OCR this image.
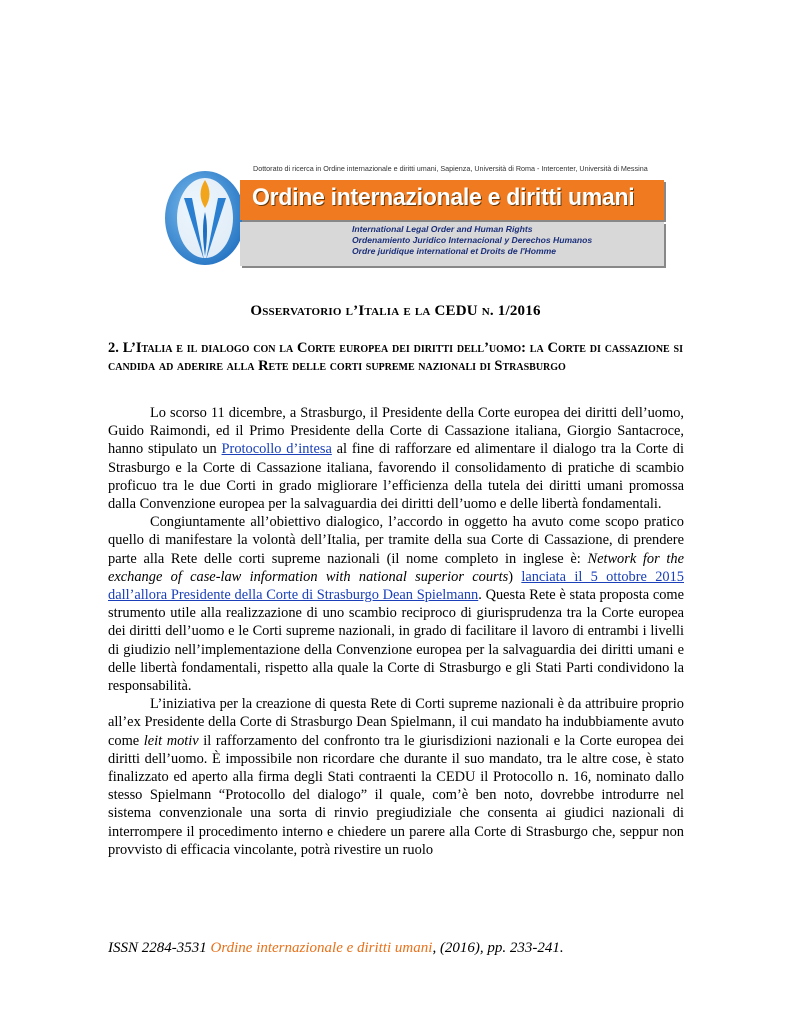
Dottorato di ricerca in Ordine internazionale e diritti umani, Sapienza, Università di Roma - Intercenter, Università di Messina
Ordine internazionale e diritti umani
International Legal Order and Human Rights
Ordenamiento Juridico Internacional y Derechos Humanos
Ordre juridique international et Droits de l'Homme
Osservatorio l’Italia e la CEDU n. 1/2016
2. L’Italia e il dialogo con la Corte europea dei diritti dell’uomo: la Corte di cassazione si candida ad aderire alla Rete delle corti supreme nazionali di Strasburgo

Lo scorso 11 dicembre, a Strasburgo, il Presidente della Corte europea dei diritti dell’uomo, Guido Raimondi, ed il Primo Presidente della Corte di Cassazione italiana, Giorgio Santacroce, hanno stipulato un Protocollo d’intesa al fine di rafforzare ed alimentare il dialogo tra la Corte di Strasburgo e la Corte di Cassazione italiana, favorendo il consolidamento di pratiche di scambio proficuo tra le due Corti in grado migliorare l’efficienza della tutela dei diritti umani promossa dalla Convenzione europea per la salvaguardia dei diritti dell’uomo e delle libertà fondamentali.

Congiuntamente all’obiettivo dialogico, l’accordo in oggetto ha avuto come scopo pratico quello di manifestare la volontà dell’Italia, per tramite della sua Corte di Cassazione, di prendere parte alla Rete delle corti supreme nazionali (il nome completo in inglese è: Network for the exchange of case-law information with national superior courts) lanciata il 5 ottobre 2015 dall’allora Presidente della Corte di Strasburgo Dean Spielmann. Questa Rete è stata proposta come strumento utile alla realizzazione di uno scambio reciproco di giurisprudenza tra la Corte europea dei diritti dell’uomo e le Corti supreme nazionali, in grado di facilitare il lavoro di entrambi i livelli di giudizio nell’implementazione della Convenzione europea per la salvaguardia dei diritti umani e delle libertà fondamentali, rispetto alla quale la Corte di Strasburgo e gli Stati Parti condividono la responsabilità.

L’iniziativa per la creazione di questa Rete di Corti supreme nazionali è da attribuire proprio all’ex Presidente della Corte di Strasburgo Dean Spielmann, il cui mandato ha indubbiamente avuto come leit motiv il rafforzamento del confronto tra le giurisdizioni nazionali e la Corte europea dei diritti dell’uomo. È impossibile non ricordare che durante il suo mandato, tra le altre cose, è stato finalizzato ed aperto alla firma degli Stati contraenti la CEDU il Protocollo n. 16, nominato dallo stesso Spielmann “Protocollo del dialogo” il quale, com’è ben noto, dovrebbe introdurre nel sistema convenzionale una sorta di rinvio pregiudiziale che consenta ai giudici nazionali di interrompere il procedimento interno e chiedere un parere alla Corte di Strasburgo che, seppur non provvisto di efficacia vincolante, potrà rivestire un ruolo

ISSN 2284-3531 Ordine internazionale e diritti umani, (2016), pp. 233-241.
